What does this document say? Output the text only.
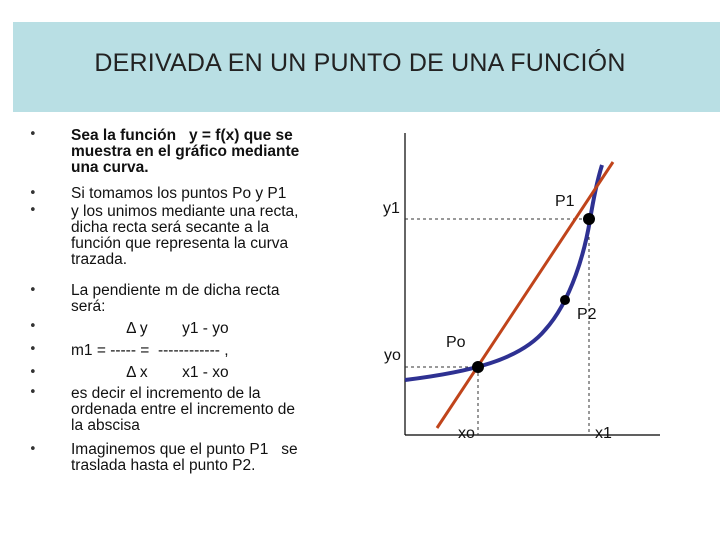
DERIVADA EN UN PUNTO DE UNA FUNCIÓN
•
•
•
•
•
•
•
•
•
Sea la función   y = f(x) que se
muestra en el gráfico mediante
una curva.
Si tomamos los puntos Po y P1
y los unimos mediante una recta,
dicha recta será secante a la
función que representa la curva
trazada.
La pendiente m de dicha recta
será:
Δ y        y1 - yo
m1 = ----- =  ------------ ,
Δ x        x1 - xo
es decir el incremento de la
ordenada entre el incremento de
la abscisa
Imaginemos que el punto P1   se
traslada hasta el punto P2.
y1
yo
xo	x1
Po
P1
P2
